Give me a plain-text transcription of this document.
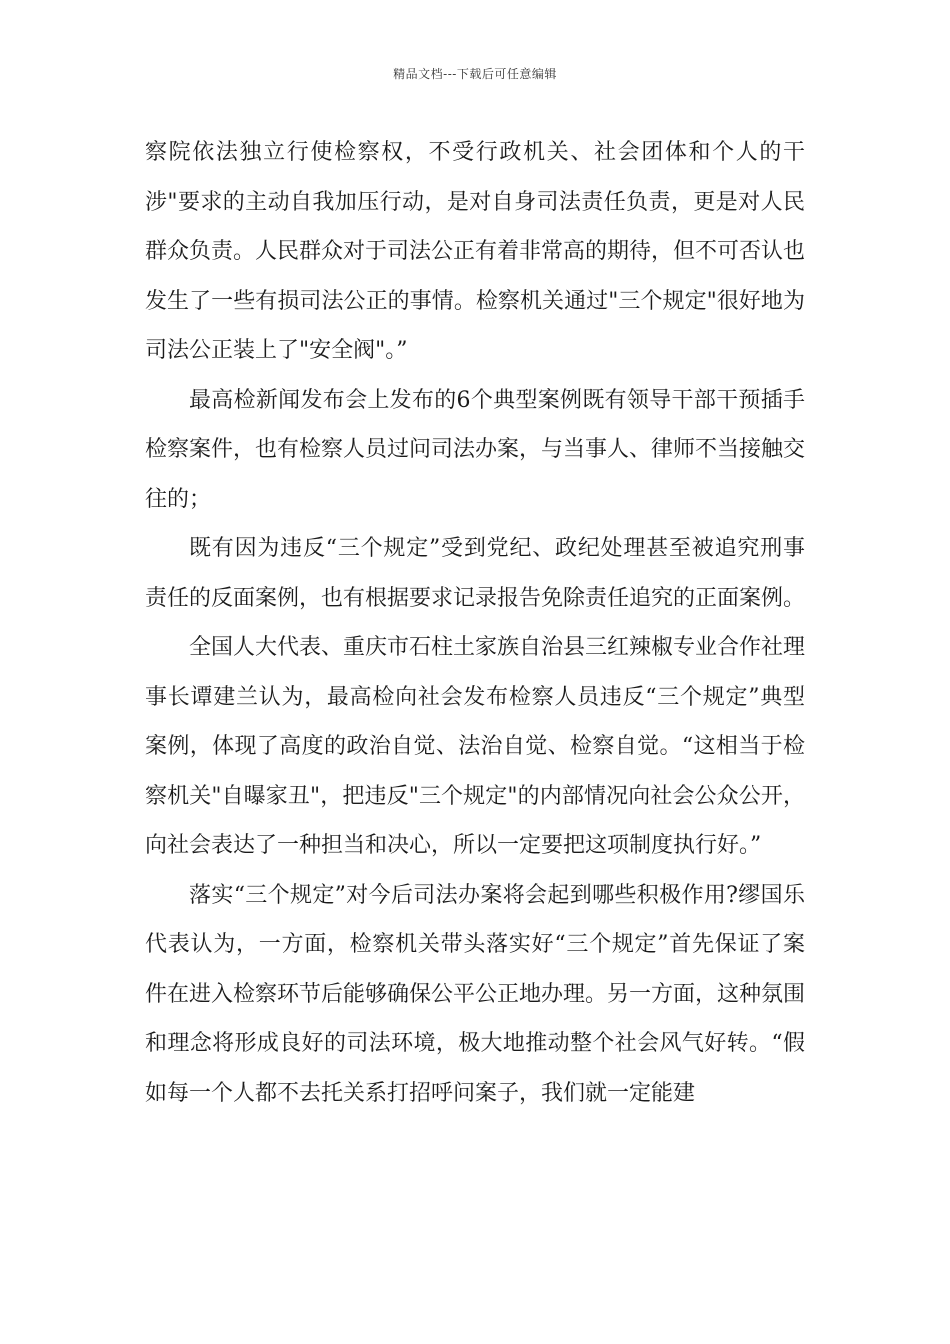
精品文档---下载后可任意编辑

察院依法独立行使检察权，不受行政机关、社会团体和个人的干涉"要求的主动自我加压行动，是对自身司法责任负责，更是对人民群众负责。人民群众对于司法公正有着非常高的期待，但不可否认也发生了一些有损司法公正的事情。检察机关通过"三个规定"很好地为司法公正装上了"安全阀"。”

最高检新闻发布会上发布的6个典型案例既有领导干部干预插手检察案件，也有检察人员过问司法办案，与当事人、律师不当接触交往的；

既有因为违反“三个规定”受到党纪、政纪处理甚至被追究刑事责任的反面案例，也有根据要求记录报告免除责任追究的正面案例。

全国人大代表、重庆市石柱土家族自治县三红辣椒专业合作社理事长谭建兰认为，最高检向社会发布检察人员违反“三个规定”典型案例，体现了高度的政治自觉、法治自觉、检察自觉。“这相当于检察机关"自曝家丑"，把违反"三个规定"的内部情况向社会公众公开，向社会表达了一种担当和决心，所以一定要把这项制度执行好。”

落实“三个规定”对今后司法办案将会起到哪些积极作用?缪国乐代表认为，一方面，检察机关带头落实好“三个规定”首先保证了案件在进入检察环节后能够确保公平公正地办理。另一方面，这种氛围和理念将形成良好的司法环境，极大地推动整个社会风气好转。“假如每一个人都不去托关系打招呼问案子，我们就一定能建
